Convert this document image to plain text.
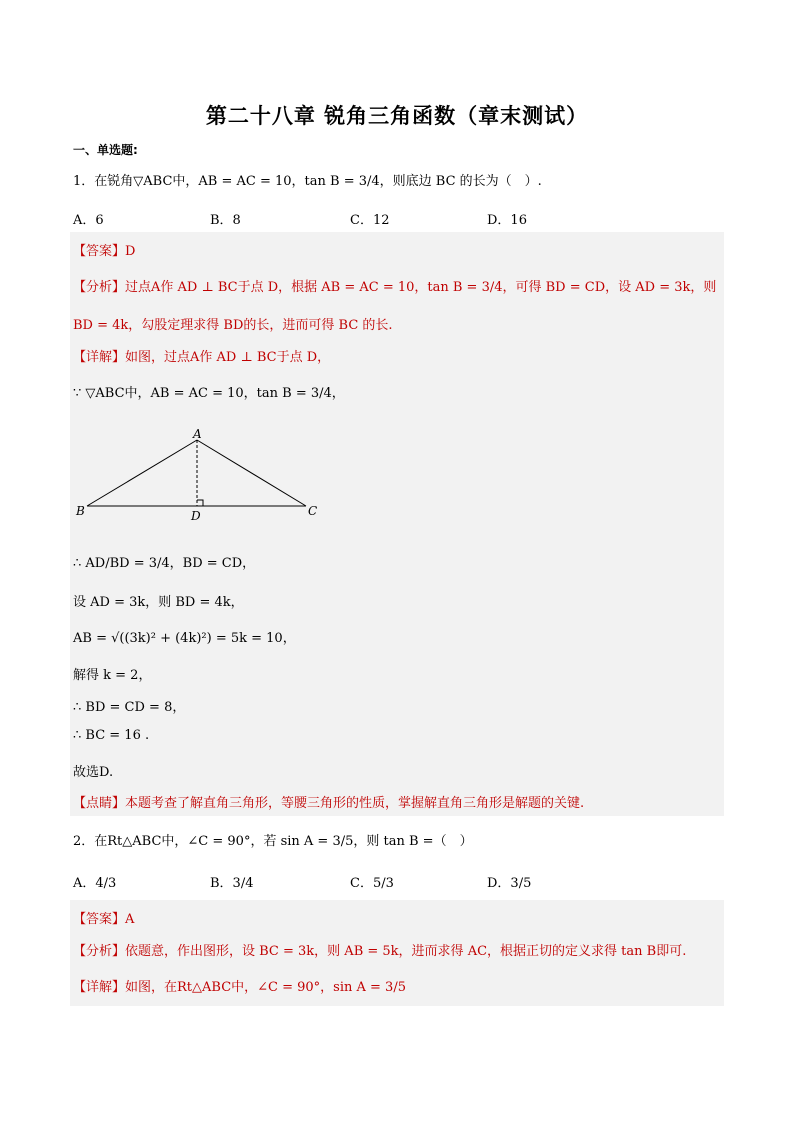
第二十八章 锐角三角函数（章末测试）
一、单选题:
1．在锐角▽ABC中，AB = AC = 10，tan B = 3/4，则底边 BC 的长为（　）.
A．6	B．8	C．12	D．16
【答案】D
【分析】过点A作 AD ⊥ BC于点 D，根据 AB = AC = 10，tan B = 3/4，可得 BD = CD，设 AD = 3k，则
BD = 4k，勾股定理求得 BD的长，进而可得 BC 的长.
【详解】如图，过点A作 AD ⊥ BC于点 D，
∵ ▽ABC中，AB = AC = 10，tan B = 3/4，
A
B	C
D
∴ AD/BD = 3/4，BD = CD，
设 AD = 3k，则 BD = 4k，
AB = √((3k)² + (4k)²) = 5k = 10，
解得 k = 2，
∴ BD = CD = 8，
∴ BC = 16 .
故选D.
【点睛】本题考查了解直角三角形，等腰三角形的性质，掌握解直角三角形是解题的关键.
2．在Rt△ABC中，∠C = 90°，若 sin A = 3/5，则 tan B =（　）
A．4/3	B．3/4	C．5/3	D．3/5
【答案】A
【分析】依题意，作出图形，设 BC = 3k，则 AB = 5k，进而求得 AC，根据正切的定义求得 tan B即可.
【详解】如图，在Rt△ABC中，∠C = 90°，sin A = 3/5
